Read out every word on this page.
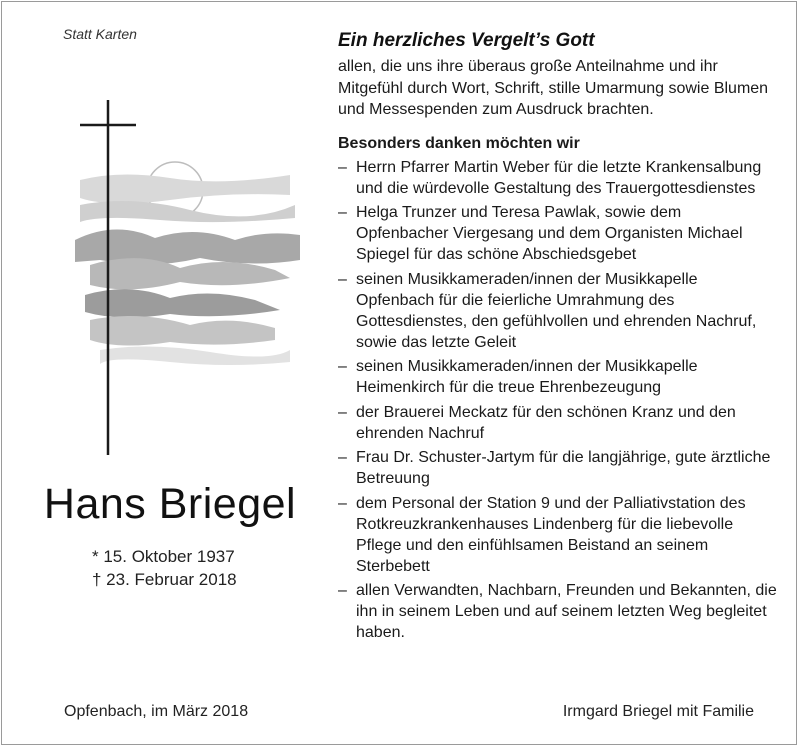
Statt Karten
Hans Briegel
* 15. Oktober 1937
† 23. Februar 2018
Ein herzliches Vergelt’s Gott

allen, die uns ihre überaus große Anteilnahme und ihr Mitgefühl durch Wort, Schrift, stille Umarmung sowie Blumen und Messespenden zum Ausdruck brachten.

Besonders danken möchten wir
– Herrn Pfarrer Martin Weber für die letzte Krankensalbung und die würdevolle Gestaltung des Trauergottesdienstes
– Helga Trunzer und Teresa Pawlak, sowie dem Opfenbacher Viergesang und dem Organisten Michael Spiegel für das schöne Abschiedsgebet
– seinen Musikkameraden/innen der Musikkapelle Opfenbach für die feierliche Umrahmung des Gottesdienstes, den gefühlvollen und ehrenden Nachruf, sowie das letzte Geleit
– seinen Musikkameraden/innen der Musikkapelle Heimenkirch für die treue Ehrenbezeugung
– der Brauerei Meckatz für den schönen Kranz und den ehrenden Nachruf
– Frau Dr. Schuster-Jartym für die langjährige, gute ärztliche Betreuung
– dem Personal der Station 9 und der Palliativstation des Rotkreuzkrankenhauses Lindenberg für die liebevolle Pflege und den einfühlsamen Beistand an seinem Sterbebett
– allen Verwandten, Nachbarn, Freunden und Bekannten, die ihn in seinem Leben und auf seinem letzten Weg begleitet haben.
Opfenbach, im März 2018	Irmgard Briegel mit Familie
